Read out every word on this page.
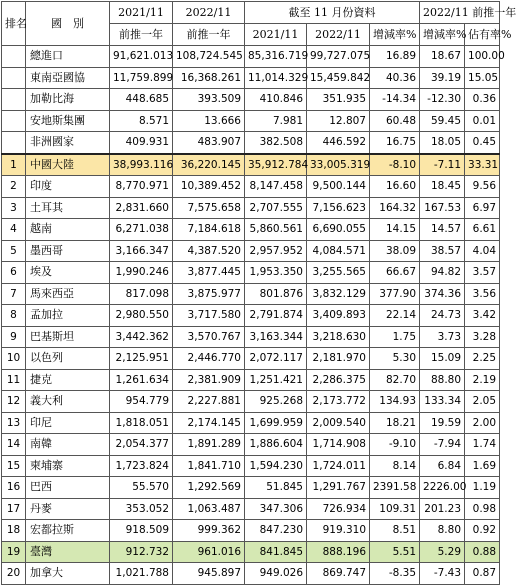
排名	國　別	2021/11	2022/11	截至 11 月份資料			2022/11 前推一年	
		前推一年	前推一年	2021/11	2022/11	增減率%	增減率%	佔有率%
	總進口	91,621.013	108,724.545	85,316.719	99,727.075	16.89	18.67	100.00
	東南亞國協	11,759.899	16,368.261	11,014.329	15,459.842	40.36	39.19	15.05
	加勒比海	448.685	393.509	410.846	351.935	-14.34	-12.30	0.36
	安地斯集團	8.571	13.666	7.981	12.807	60.48	59.45	0.01
	非洲國家	409.931	483.907	382.508	446.592	16.75	18.05	0.45
1	中國大陸	38,993.116	36,220.145	35,912.784	33,005.319	-8.10	-7.11	33.31
2	印度	8,770.971	10,389.452	8,147.458	9,500.144	16.60	18.45	9.56
3	土耳其	2,831.660	7,575.658	2,707.555	7,156.623	164.32	167.53	6.97
4	越南	6,271.038	7,184.618	5,860.561	6,690.055	14.15	14.57	6.61
5	墨西哥	3,166.347	4,387.520	2,957.952	4,084.571	38.09	38.57	4.04
6	埃及	1,990.246	3,877.445	1,953.350	3,255.565	66.67	94.82	3.57
7	馬來西亞	817.098	3,875.977	801.876	3,832.129	377.90	374.36	3.56
8	孟加拉	2,980.550	3,717.580	2,791.874	3,409.893	22.14	24.73	3.42
9	巴基斯坦	3,442.362	3,570.767	3,163.344	3,218.630	1.75	3.73	3.28
10	以色列	2,125.951	2,446.770	2,072.117	2,181.970	5.30	15.09	2.25
11	捷克	1,261.634	2,381.909	1,251.421	2,286.375	82.70	88.80	2.19
12	義大利	954.779	2,227.881	925.268	2,173.772	134.93	133.34	2.05
13	印尼	1,818.051	2,174.145	1,699.959	2,009.540	18.21	19.59	2.00
14	南韓	2,054.377	1,891.289	1,886.604	1,714.908	-9.10	-7.94	1.74
15	柬埔寨	1,723.824	1,841.710	1,594.230	1,724.011	8.14	6.84	1.69
16	巴西	55.570	1,292.569	51.845	1,291.767	2391.58	2226.00	1.19
17	丹麥	353.052	1,063.487	347.306	726.934	109.31	201.23	0.98
18	宏都拉斯	918.509	999.362	847.230	919.310	8.51	8.80	0.92
19	臺灣	912.732	961.016	841.845	888.196	5.51	5.29	0.88
20	加拿大	1,021.788	945.897	949.026	869.747	-8.35	-7.43	0.87
